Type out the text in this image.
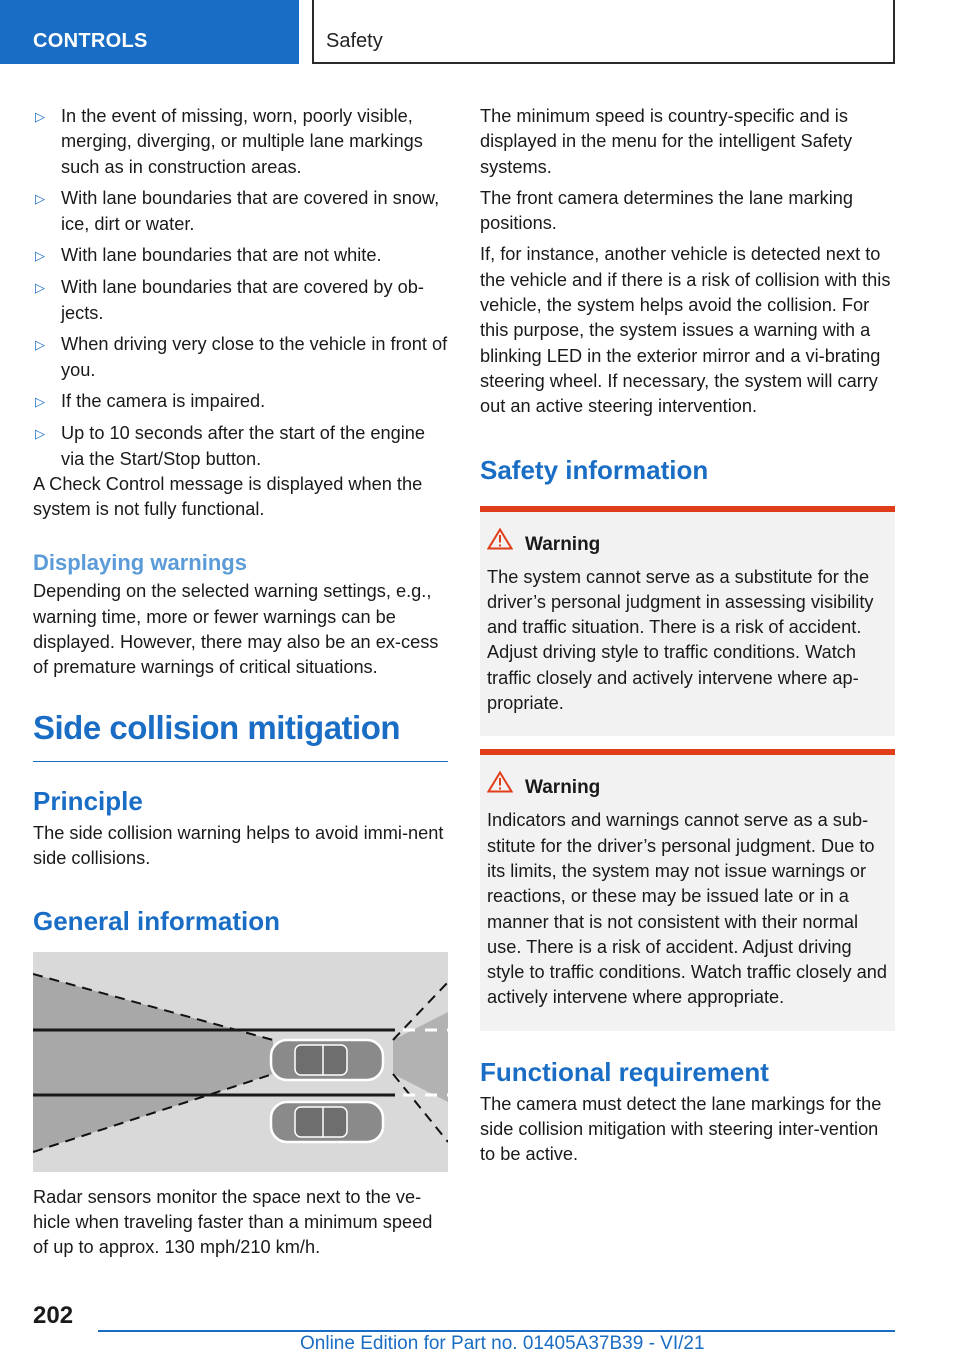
CONTROLS	Safety
▷ In the event of missing, worn, poorly visible, merging, diverging, or multiple lane markings such as in construction areas.
▷ With lane boundaries that are covered in snow, ice, dirt or water.
▷ With lane boundaries that are not white.
▷ With lane boundaries that are covered by ob-jects.
▷ When driving very close to the vehicle in front of you.
▷ If the camera is impaired.
▷ Up to 10 seconds after the start of the engine via the Start/Stop button.

A Check Control message is displayed when the system is not fully functional.

Displaying warnings

Depending on the selected warning settings, e.g., warning time, more or fewer warnings can be displayed. However, there may also be an ex-cess of premature warnings of critical situations.

Side collision mitigation
Principle

The side collision warning helps to avoid immi-nent side collisions.

General information

Radar sensors monitor the space next to the ve-hicle when traveling faster than a minimum speed of up to approx. 130 mph/210 km/h.

The minimum speed is country-specific and is displayed in the menu for the intelligent Safety systems.

The front camera determines the lane marking positions.

If, for instance, another vehicle is detected next to the vehicle and if there is a risk of collision with this vehicle, the system helps avoid the collision. For this purpose, the system issues a warning with a blinking LED in the exterior mirror and a vi-brating steering wheel. If necessary, the system will carry out an active steering intervention.

Safety information
Warning

The system cannot serve as a substitute for the driver’s personal judgment in assessing visibility and traffic situation. There is a risk of accident. Adjust driving style to traffic conditions. Watch traffic closely and actively intervene where ap-propriate.

Warning

Indicators and warnings cannot serve as a sub-stitute for the driver’s personal judgment. Due to its limits, the system may not issue warnings or reactions, or these may be issued late or in a manner that is not consistent with their normal use. There is a risk of accident. Adjust driving style to traffic conditions. Watch traffic closely and actively intervene where appropriate.

Functional requirement

The camera must detect the lane markings for the side collision mitigation with steering inter-vention to be active.

202
Online Edition for Part no. 01405A37B39 - VI/21
